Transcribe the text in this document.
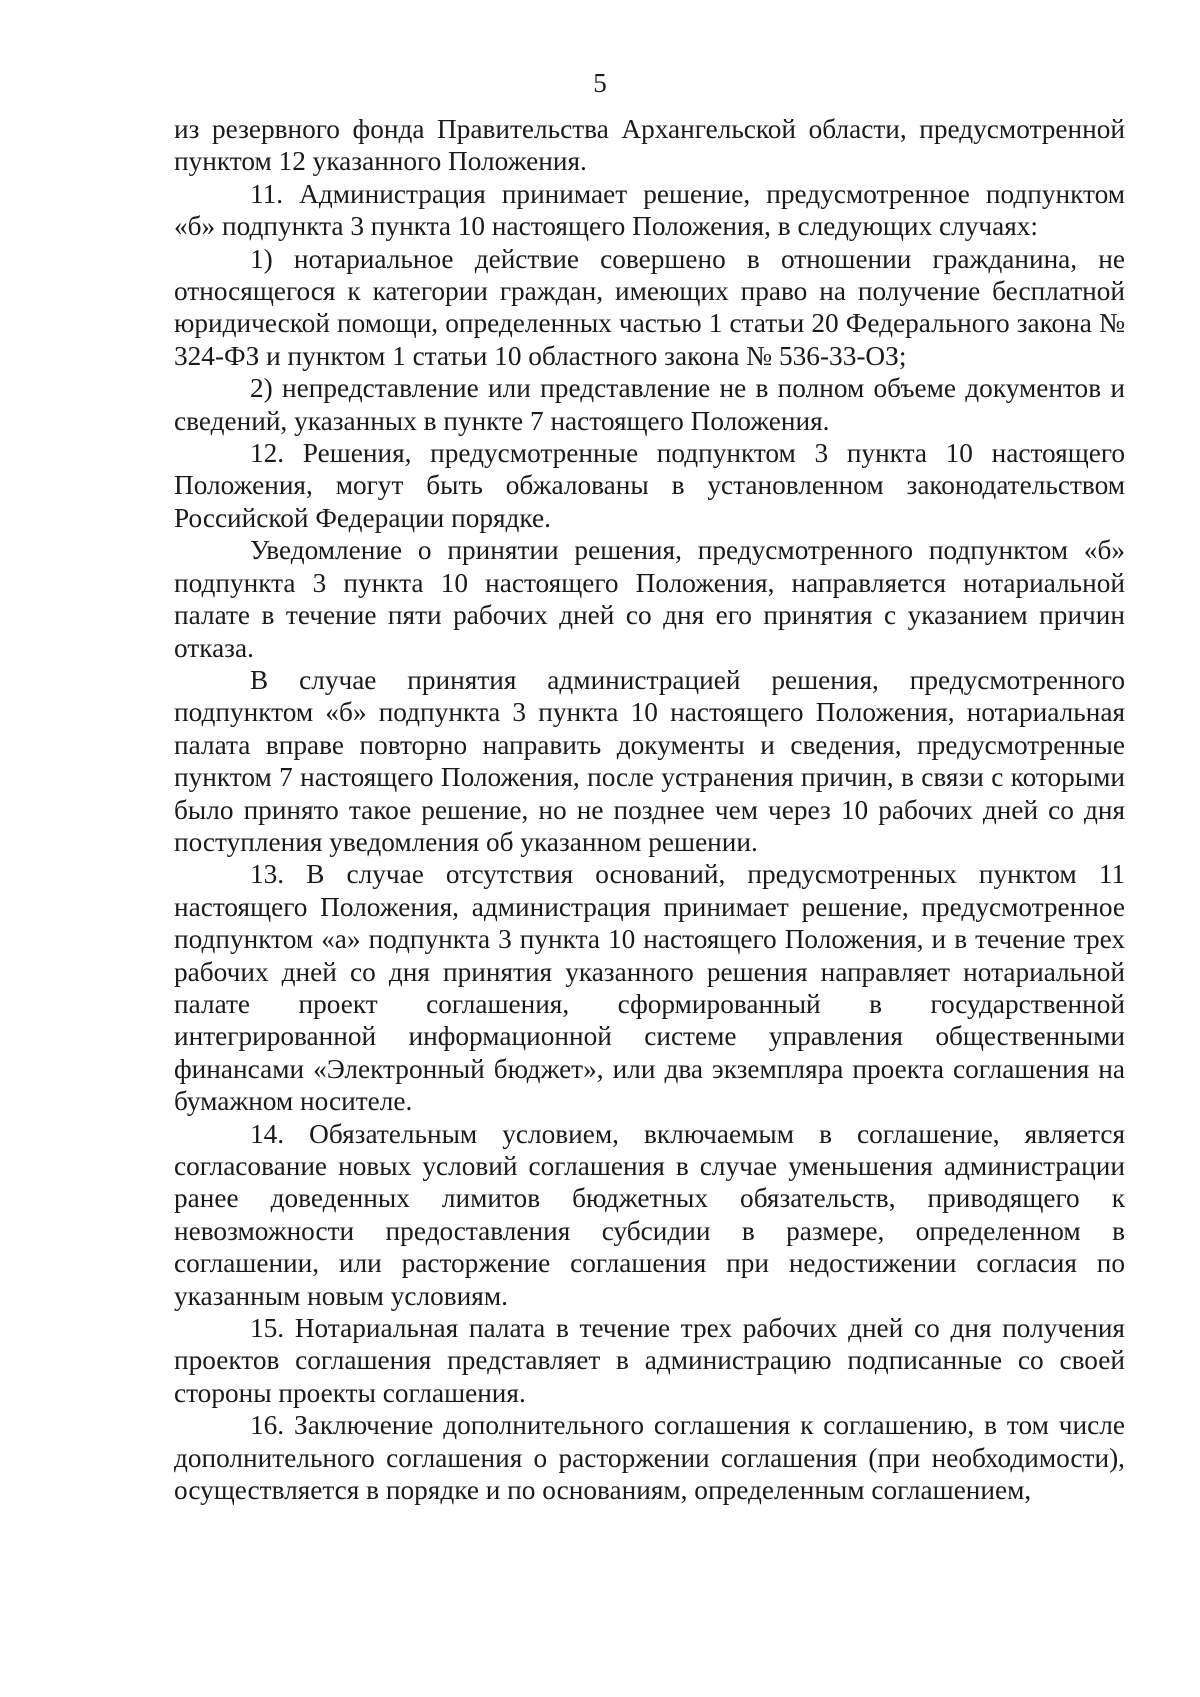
5

из резервного фонда Правительства Архангельской области, предусмотренной пунктом 12 указанного Положения.

11. Администрация принимает решение, предусмотренное подпунктом «б» подпункта 3 пункта 10 настоящего Положения, в следующих случаях:

1) нотариальное действие совершено в отношении гражданина, не относящегося к категории граждан, имеющих право на получение бесплатной юридической помощи, определенных частью 1 статьи 20 Федерального закона № 324-ФЗ и пунктом 1 статьи 10 областного закона № 536-33-ОЗ;

2) непредставление или представление не в полном объеме документов и сведений, указанных в пункте 7 настоящего Положения.

12. Решения, предусмотренные подпунктом 3 пункта 10 настоящего Положения, могут быть обжалованы в установленном законодательством Российской Федерации порядке.

Уведомление о принятии решения, предусмотренного подпунктом «б» подпункта 3 пункта 10 настоящего Положения, направляется нотариальной палате в течение пяти рабочих дней со дня его принятия с указанием причин отказа.

В случае принятия администрацией решения, предусмотренного подпунктом «б» подпункта 3 пункта 10 настоящего Положения, нотариальная палата вправе повторно направить документы и сведения, предусмотренные пунктом 7 настоящего Положения, после устранения причин, в связи с которыми было принято такое решение, но не позднее чем через 10 рабочих дней со дня поступления уведомления об указанном решении.

13. В случае отсутствия оснований, предусмотренных пунктом 11 настоящего Положения, администрация принимает решение, предусмотренное подпунктом «а» подпункта 3 пункта 10 настоящего Положения, и в течение трех рабочих дней со дня принятия указанного решения направляет нотариальной палате проект соглашения, сформированный в государственной интегрированной информационной системе управления общественными финансами «Электронный бюджет», или два экземпляра проекта соглашения на бумажном носителе.

14. Обязательным условием, включаемым в соглашение, является согласование новых условий соглашения в случае уменьшения администрации ранее доведенных лимитов бюджетных обязательств, приводящего к невозможности предоставления субсидии в размере, определенном в соглашении, или расторжение соглашения при недостижении согласия по указанным новым условиям.

15. Нотариальная палата в течение трех рабочих дней со дня получения проектов соглашения представляет в администрацию подписанные со своей стороны проекты соглашения.

16. Заключение дополнительного соглашения к соглашению, в том числе дополнительного соглашения о расторжении соглашения (при необходимости), осуществляется в порядке и по основаниям, определенным соглашением,
